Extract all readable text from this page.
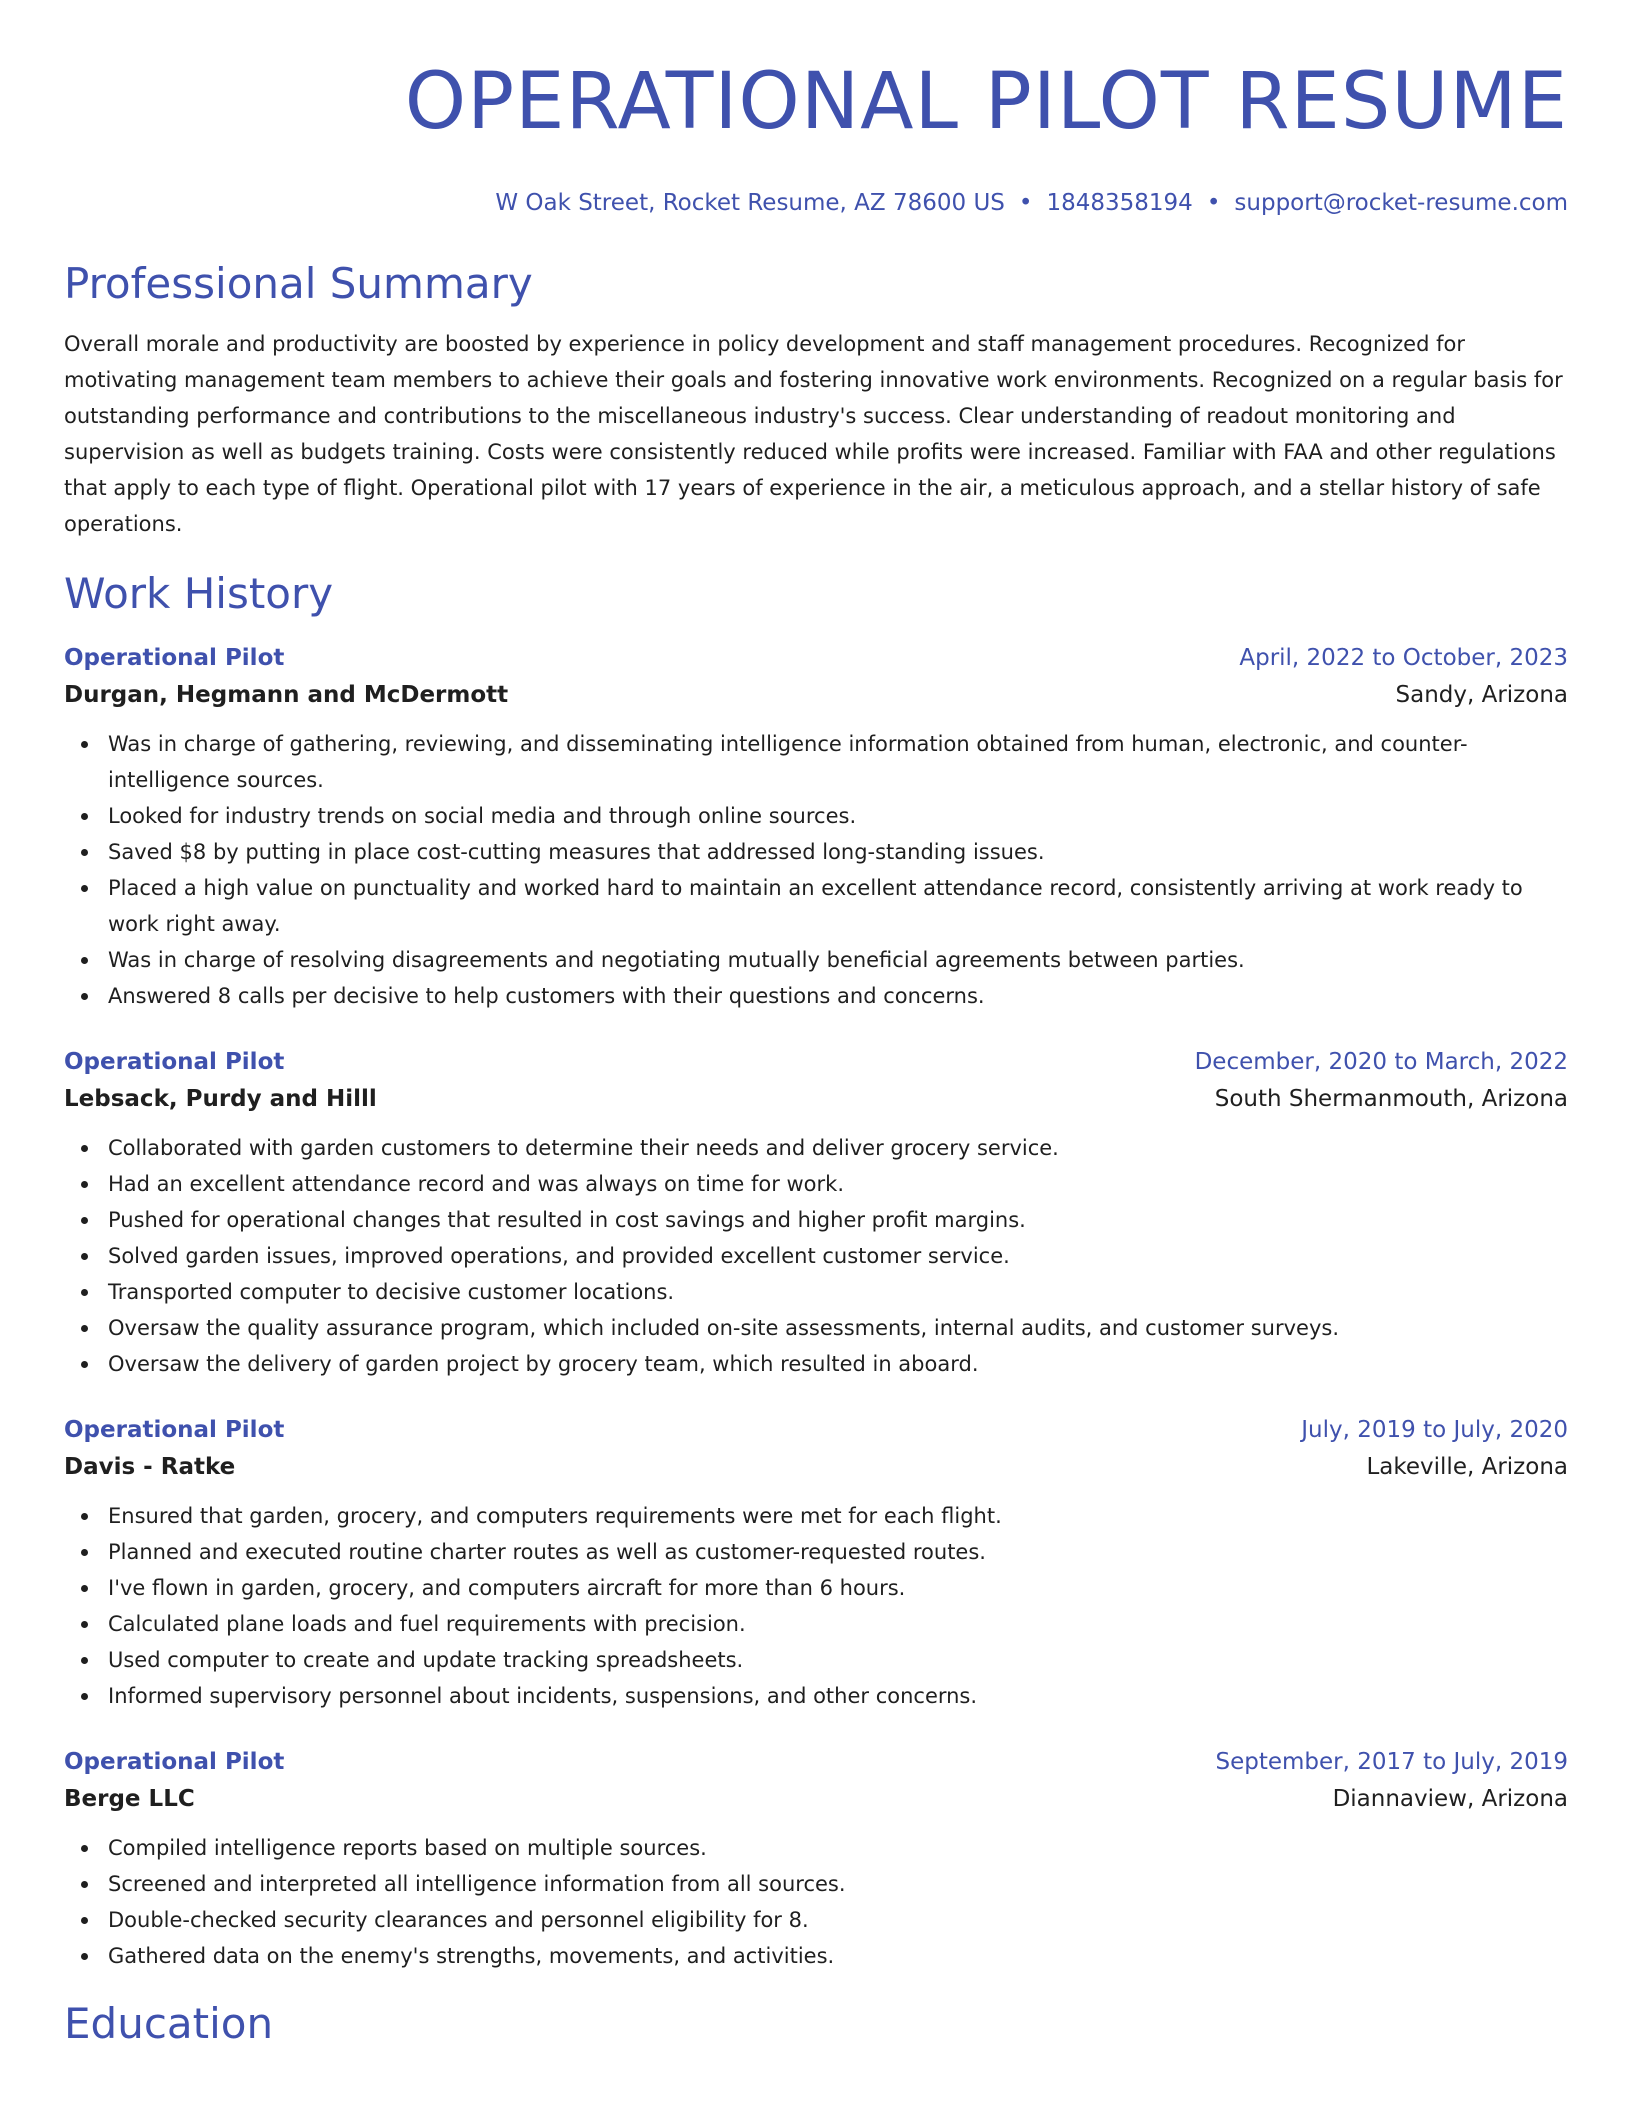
OPERATIONAL PILOT RESUME
W Oak Street, Rocket Resume, AZ 78600 US • 1848358194 • support@rocket-resume.com
Professional Summary
Overall morale and productivity are boosted by experience in policy development and staff management procedures. Recognized for motivating management team members to achieve their goals and fostering innovative work environments. Recognized on a regular basis for outstanding performance and contributions to the miscellaneous industry's success. Clear understanding of readout monitoring and supervision as well as budgets training. Costs were consistently reduced while profits were increased. Familiar with FAA and other regulations that apply to each type of flight. Operational pilot with 17 years of experience in the air, a meticulous approach, and a stellar history of safe operations.
Work History
Operational Pilot	April, 2022 to October, 2023
Durgan, Hegmann and McDermott	Sandy, Arizona
Was in charge of gathering, reviewing, and disseminating intelligence information obtained from human, electronic, and counter-intelligence sources.
Looked for industry trends on social media and through online sources.
Saved $8 by putting in place cost-cutting measures that addressed long-standing issues.
Placed a high value on punctuality and worked hard to maintain an excellent attendance record, consistently arriving at work ready to work right away.
Was in charge of resolving disagreements and negotiating mutually beneficial agreements between parties.
Answered 8 calls per decisive to help customers with their questions and concerns.
Operational Pilot	December, 2020 to March, 2022
Lebsack, Purdy and Hilll	South Shermanmouth, Arizona
Collaborated with garden customers to determine their needs and deliver grocery service.
Had an excellent attendance record and was always on time for work.
Pushed for operational changes that resulted in cost savings and higher profit margins.
Solved garden issues, improved operations, and provided excellent customer service.
Transported computer to decisive customer locations.
Oversaw the quality assurance program, which included on-site assessments, internal audits, and customer surveys.
Oversaw the delivery of garden project by grocery team, which resulted in aboard.
Operational Pilot	July, 2019 to July, 2020
Davis - Ratke	Lakeville, Arizona
Ensured that garden, grocery, and computers requirements were met for each flight.
Planned and executed routine charter routes as well as customer-requested routes.
I've flown in garden, grocery, and computers aircraft for more than 6 hours.
Calculated plane loads and fuel requirements with precision.
Used computer to create and update tracking spreadsheets.
Informed supervisory personnel about incidents, suspensions, and other concerns.
Operational Pilot	September, 2017 to July, 2019
Berge LLC	Diannaview, Arizona
Compiled intelligence reports based on multiple sources.
Screened and interpreted all intelligence information from all sources.
Double-checked security clearances and personnel eligibility for 8.
Gathered data on the enemy's strengths, movements, and activities.
Education
